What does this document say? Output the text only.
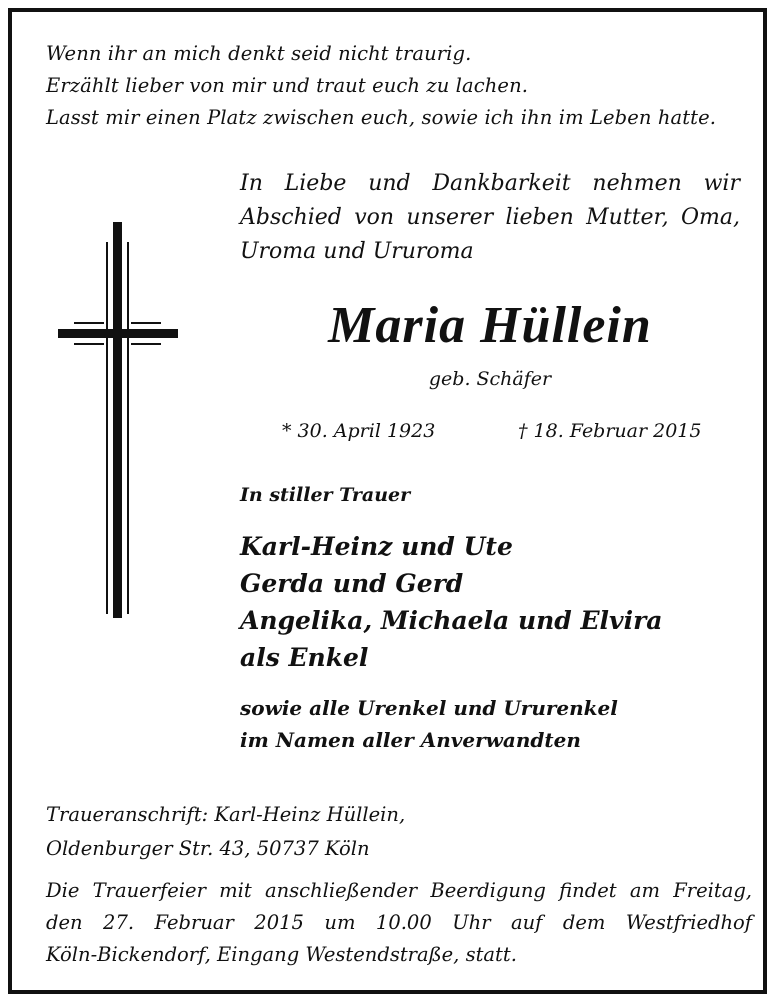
Wenn ihr an mich denkt seid nicht traurig.
Erzählt lieber von mir und traut euch zu lachen.
Lasst mir einen Platz zwischen euch, sowie ich ihn im Leben hatte.
In Liebe und Dankbarkeit nehmen wir
Abschied von unserer lieben Mutter, Oma,
Uroma und Ururoma
Maria Hüllein
geb. Schäfer
* 30. April 1923	† 18. Februar 2015
In stiller Trauer
Karl-Heinz und Ute
Gerda und Gerd
Angelika, Michaela und Elvira
als Enkel
sowie alle Urenkel und Ururenkel
im Namen aller Anverwandten
Traueranschrift: Karl-Heinz Hüllein,
Oldenburger Str. 43, 50737 Köln
Die Trauerfeier mit anschließender Beerdigung findet am Freitag,
den 27. Februar 2015 um 10.00 Uhr auf dem Westfriedhof
Köln-Bickendorf, Eingang Westendstraße, statt.
